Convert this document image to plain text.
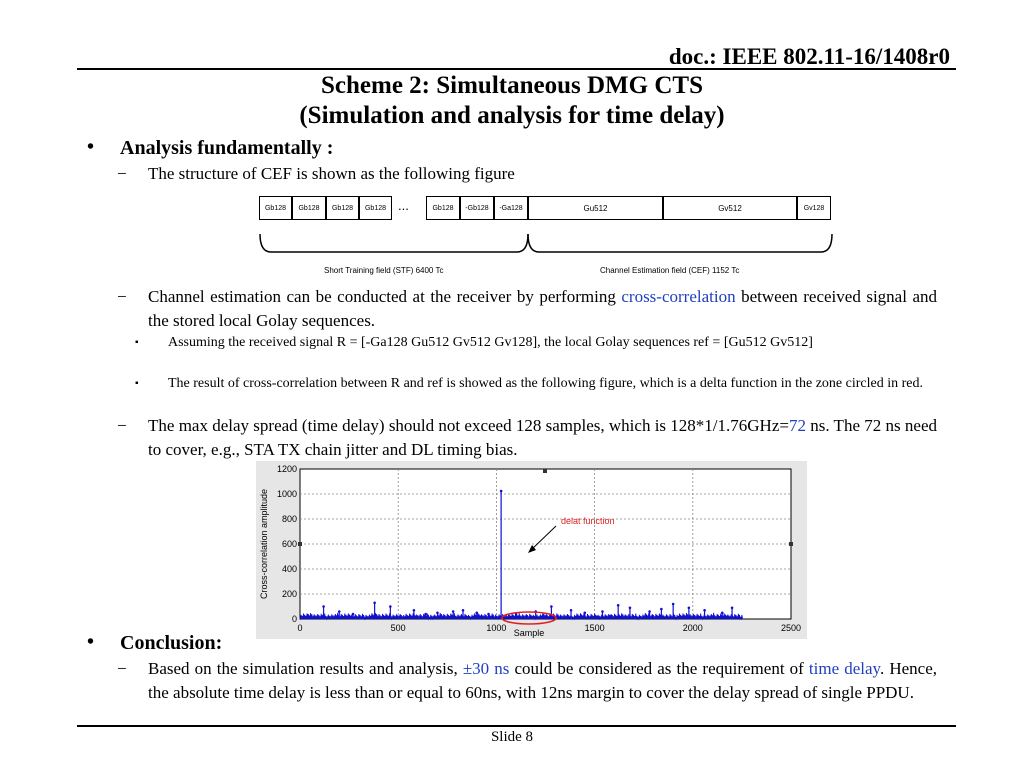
doc.: IEEE 802.11-16/1408r0
Scheme 2: Simultaneous DMG CTS
(Simulation and analysis for time delay)
• Analysis fundamentally :
− The structure of CEF is shown as the following figure
Gb128	Gb128	Gb128	Gb128 ...	Gb128	-Gb128	-Ga128	Gu512	Gv512	Gv128
Short Training field (STF) 6400 Tc	Channel Estimation field (CEF) 1152 Tc
− Channel estimation can be conducted at the receiver by performing cross-correlation between received signal and the stored local Golay sequences.
▪ Assuming the received signal R = [-Ga128 Gu512 Gv512 Gv128], the local Golay sequences ref = [Gu512 Gv512]
▪ The result of cross-correlation between R and ref is showed as the following figure, which is a delta function in the zone circled in red.
− The max delay spread (time delay) should not exceed 128 samples, which is 128*1/1.76GHz=72 ns. The 72 ns need to cover, e.g., STA TX chain jitter and DL timing bias.
0	500	1000	1500	2000	2500
0
200
400
600
800
1000
1200
Cross-correlation amplitude
Sample
delat function
• Conclusion:
− Based on the simulation results and analysis, ±30 ns could be considered as the requirement of time delay. Hence, the absolute time delay is less than or equal to 60ns, with 12ns margin to cover the delay spread of single PPDU.
Slide 8
